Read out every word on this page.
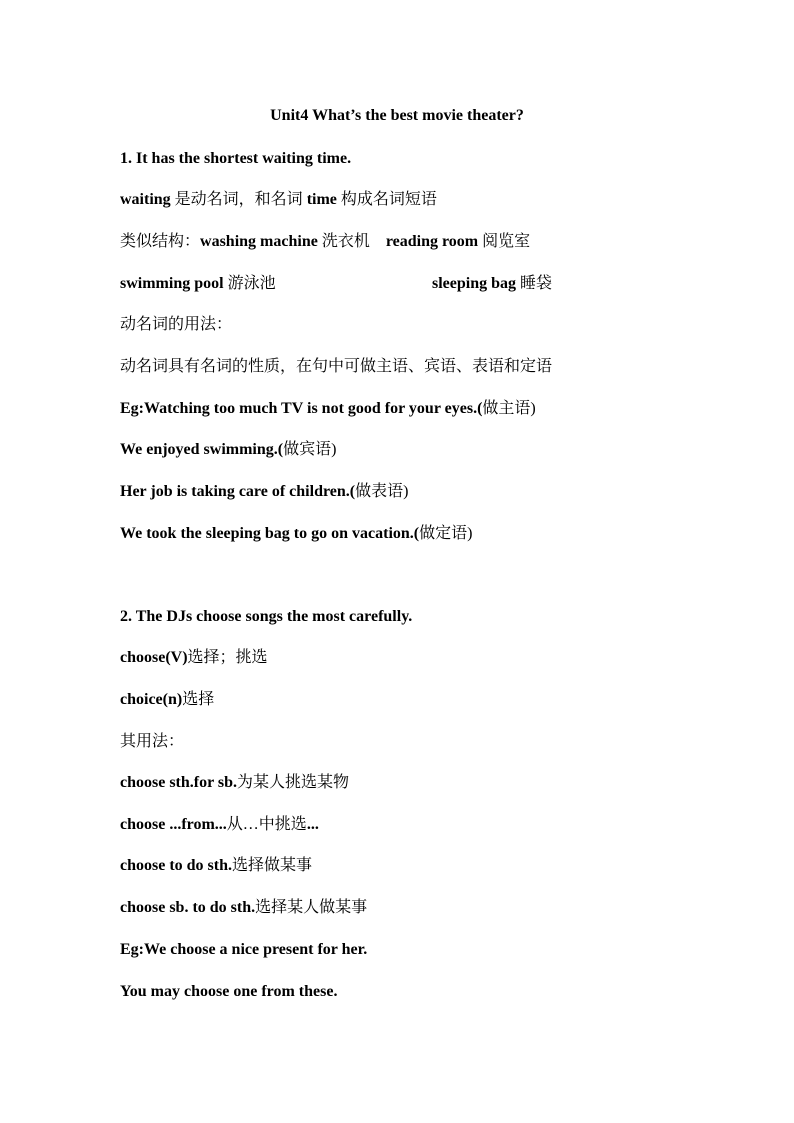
Unit4 What’s the best movie theater?
1. It has the shortest waiting time.
waiting 是动名词，和名词 time 构成名词短语
类似结构：washing machine 洗衣机    reading room 阅览室
swimming pool 游泳池	sleeping bag 睡袋
动名词的用法：
动名词具有名词的性质，在句中可做主语、宾语、表语和定语
Eg:Watching too much TV is not good for your eyes.(做主语)
We enjoyed swimming.(做宾语)
Her job is taking care of children.(做表语)
We took the sleeping bag to go on vacation.(做定语)
2. The DJs choose songs the most carefully.
choose(V)选择；挑选
choice(n)选择
其用法：
choose sth.for sb.为某人挑选某物
choose ...from...从…中挑选...
choose to do sth.选择做某事
choose sb. to do sth.选择某人做某事
Eg:We choose a nice present for her.
You may choose one from these.
